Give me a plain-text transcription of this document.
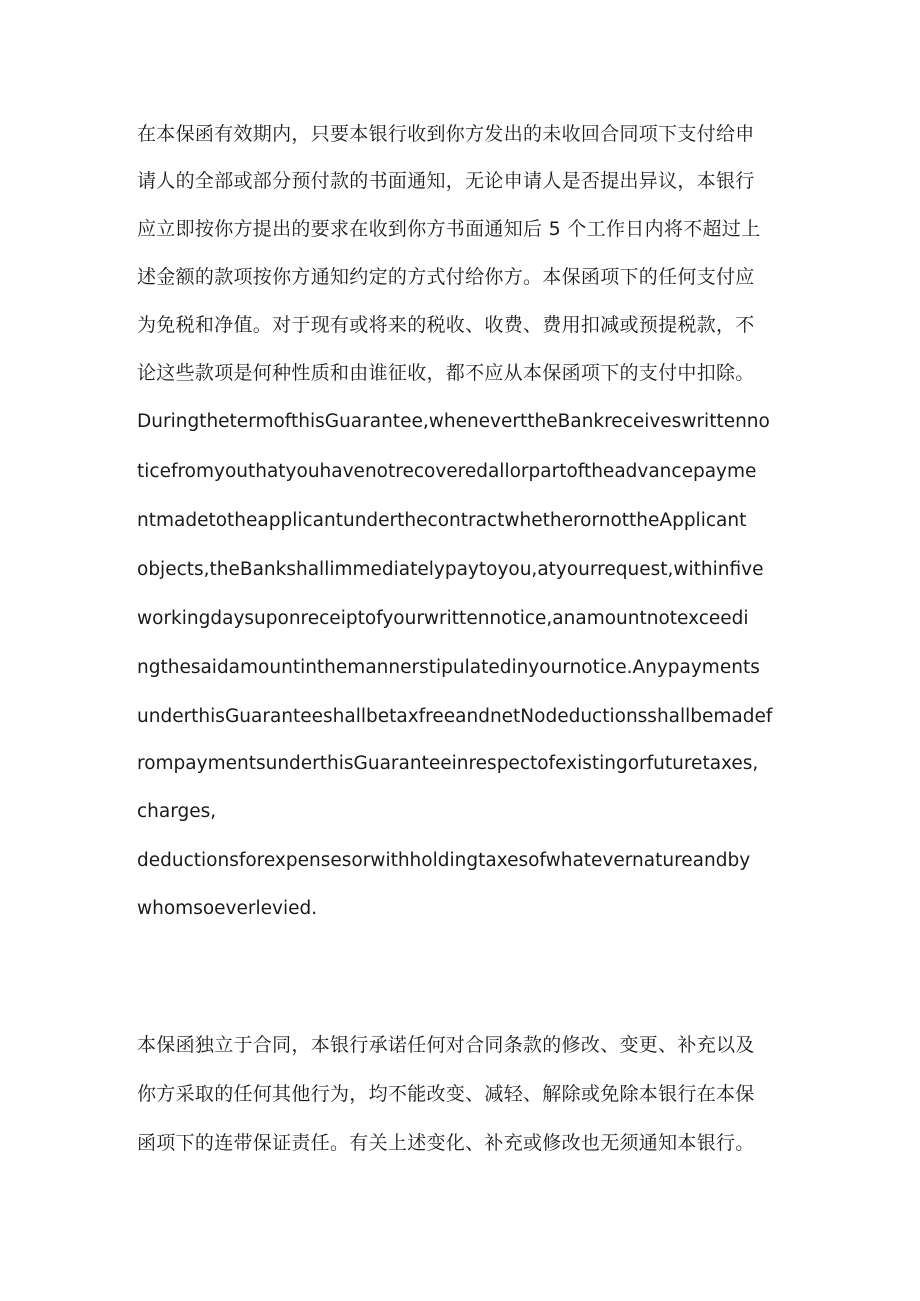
在本保函有效期内，只要本银行收到你方发出的未收回合同项下支付给申
请人的全部或部分预付款的书面通知，无论申请人是否提出异议，本银行
应立即按你方提出的要求在收到你方书面通知后 5 个工作日内将不超过上
述金额的款项按你方通知约定的方式付给你方。本保函项下的任何支付应
为免税和净值。对于现有或将来的税收、收费、费用扣减或预提税款，不
论这些款项是何种性质和由谁征收，都不应从本保函项下的支付中扣除。
DuringthetermofthisGuarantee,wheneverttheBankreceiveswrittenno
ticefromyouthatyouhavenotrecoveredallorpartoftheadvancepayme
ntmadetotheapplicantunderthecontractwhetherornottheApplicant
objects,theBankshallimmediatelypaytoyou,atyourrequest,withinfive
workingdaysuponreceiptofyourwrittennotice,anamountnotexceedi
ngthesaidamountinthemannerstipulatedinyournotice.Anypayments
underthisGuaranteeshallbetaxfreeandnetNodeductionsshallbemadef
rompaymentsunderthisGuaranteeinrespectofexistingorfuturetaxes,
charges,
deductionsforexpensesorwithholdingtaxesofwhatevernatureandby
whomsoeverlevied.
本保函独立于合同，本银行承诺任何对合同条款的修改、变更、补充以及
你方采取的任何其他行为，均不能改变、减轻、解除或免除本银行在本保
函项下的连带保证责任。有关上述变化、补充或修改也无须通知本银行。
